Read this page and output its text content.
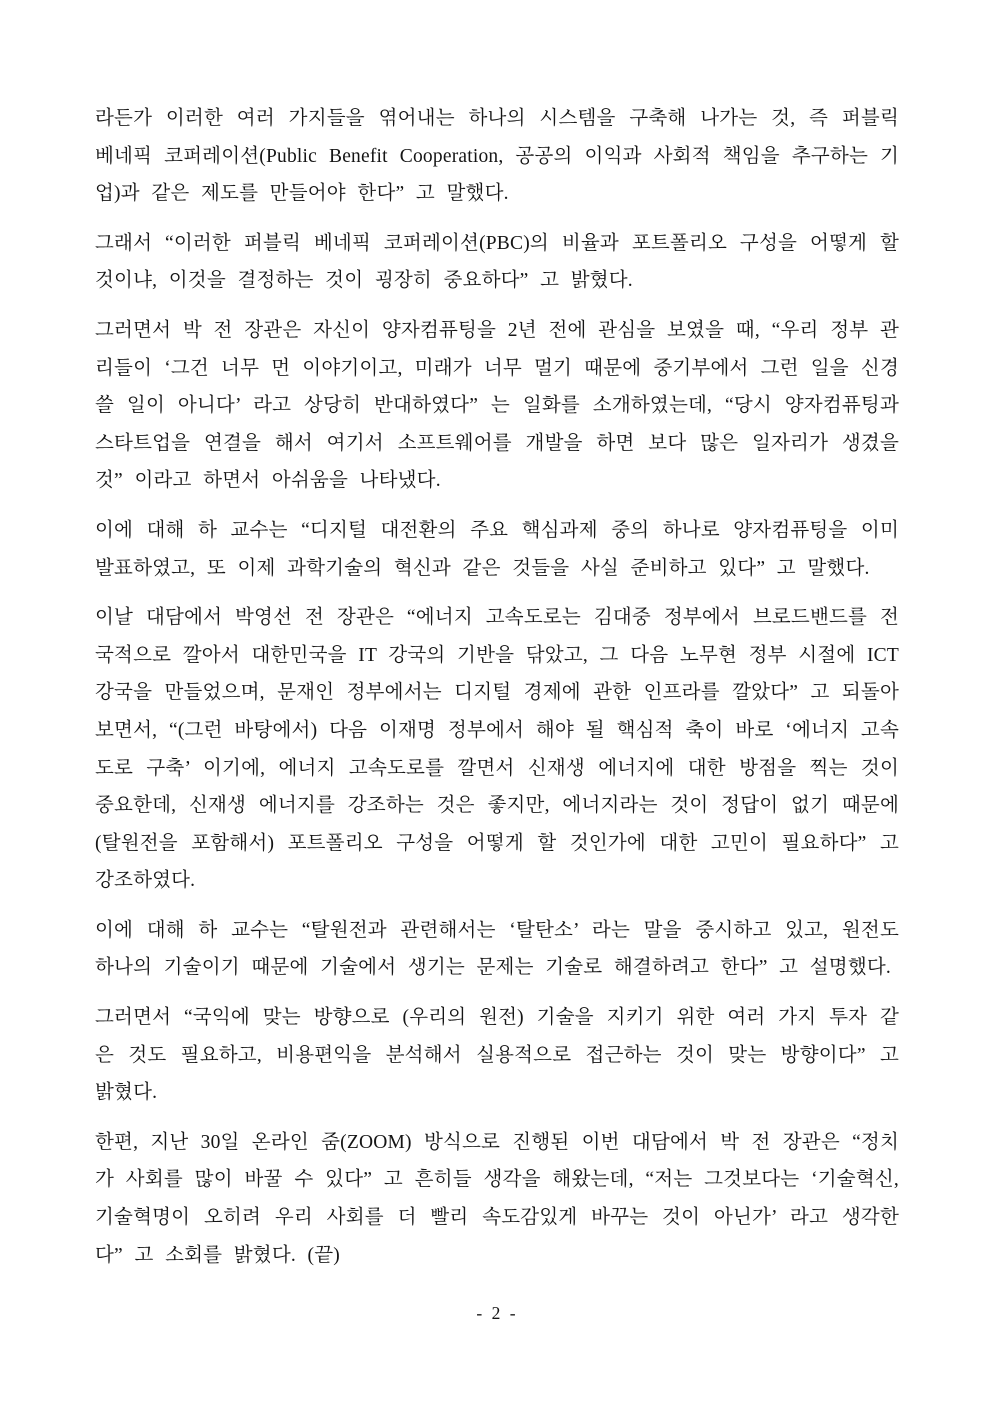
라든가 이러한 여러 가지들을 엮어내는 하나의 시스템을 구축해 나가는 것, 즉 퍼블릭 베네픽 코퍼레이션(Public Benefit Cooperation, 공공의 이익과 사회적 책임을 추구하는 기업)과 같은 제도를 만들어야 한다” 고 말했다.

그래서 “이러한 퍼블릭 베네픽 코퍼레이션(PBC)의 비율과 포트폴리오 구성을 어떻게 할 것이냐, 이것을 결정하는 것이 굉장히 중요하다” 고 밝혔다.

그러면서 박 전 장관은 자신이 양자컴퓨팅을 2년 전에 관심을 보였을 때, “우리 정부 관리들이 ‘그건 너무 먼 이야기이고, 미래가 너무 멀기 때문에 중기부에서 그런 일을 신경 쓸 일이 아니다’ 라고 상당히 반대하였다” 는 일화를 소개하였는데, “당시 양자컴퓨팅과 스타트업을 연결을 해서 여기서 소프트웨어를 개발을 하면 보다 많은 일자리가 생겼을 것” 이라고 하면서 아쉬움을 나타냈다.

이에 대해 하 교수는 “디지털 대전환의 주요 핵심과제 중의 하나로 양자컴퓨팅을 이미 발표하였고, 또 이제 과학기술의 혁신과 같은 것들을 사실 준비하고 있다” 고 말했다.

이날 대담에서 박영선 전 장관은 “에너지 고속도로는 김대중 정부에서 브로드밴드를 전국적으로 깔아서 대한민국을 IT 강국의 기반을 닦았고, 그 다음 노무현 정부 시절에 ICT 강국을 만들었으며, 문재인 정부에서는 디지털 경제에 관한 인프라를 깔았다” 고 되돌아보면서, “(그런 바탕에서) 다음 이재명 정부에서 해야 될 핵심적 축이 바로 ‘에너지 고속도로 구축’ 이기에, 에너지 고속도로를 깔면서 신재생 에너지에 대한 방점을 찍는 것이 중요한데, 신재생 에너지를 강조하는 것은 좋지만, 에너지라는 것이 정답이 없기 때문에 (탈원전을 포함해서) 포트폴리오 구성을 어떻게 할 것인가에 대한 고민이 필요하다” 고 강조하였다.

이에 대해 하 교수는 “탈원전과 관련해서는 ‘탈탄소’ 라는 말을 중시하고 있고, 원전도 하나의 기술이기 때문에 기술에서 생기는 문제는 기술로 해결하려고 한다” 고 설명했다.

그러면서 “국익에 맞는 방향으로 (우리의 원전) 기술을 지키기 위한 여러 가지 투자 같은 것도 필요하고, 비용편익을 분석해서 실용적으로 접근하는 것이 맞는 방향이다” 고 밝혔다.

한편, 지난 30일 온라인 줌(ZOOM) 방식으로 진행된 이번 대담에서 박 전 장관은 “정치가 사회를 많이 바꿀 수 있다” 고 흔히들 생각을 해왔는데, “저는 그것보다는 ‘기술혁신, 기술혁명이 오히려 우리 사회를 더 빨리 속도감있게 바꾸는 것이 아닌가’ 라고 생각한다” 고 소회를 밝혔다. (끝)

- 2 -
